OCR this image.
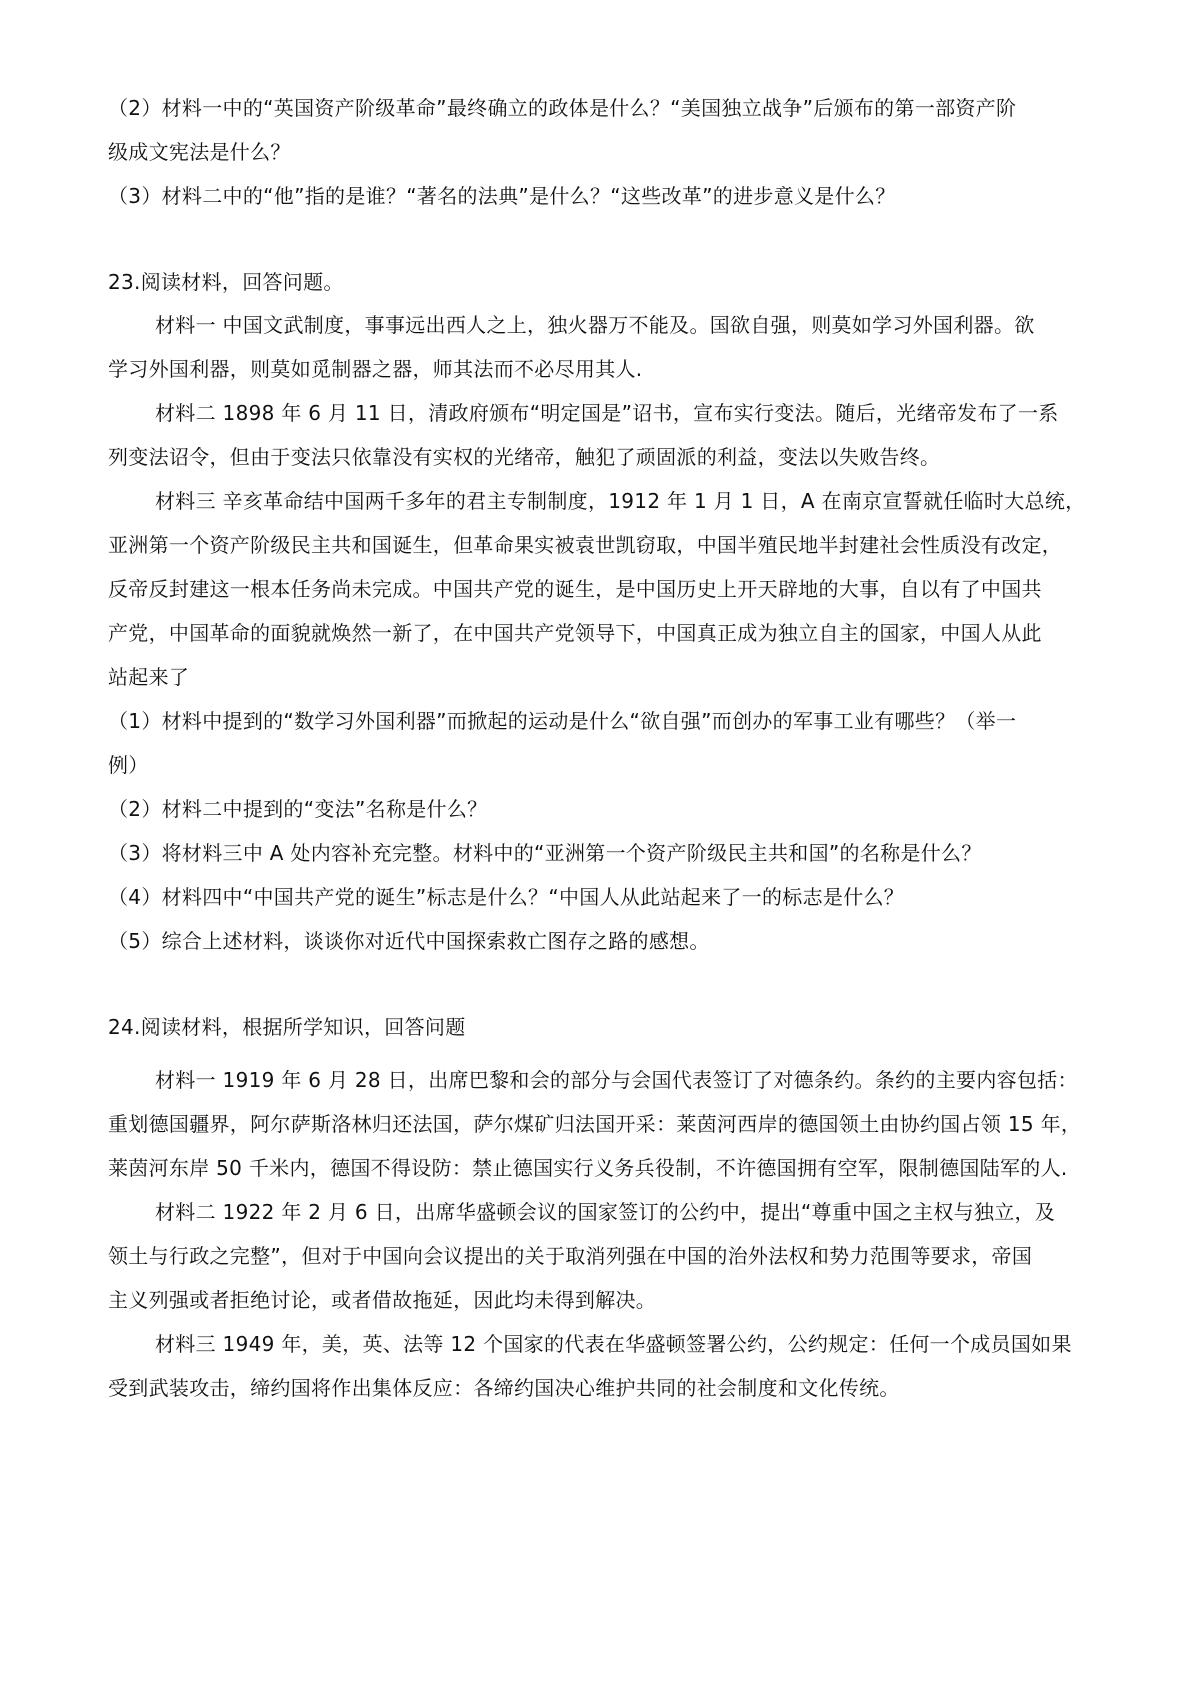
（2）材料一中的“英国资产阶级革命”最终确立的政体是什么？“美国独立战争”后颁布的第一部资产阶
级成文宪法是什么？
（3）材料二中的“他”指的是谁？“著名的法典”是什么？“这些改革”的进步意义是什么？
23.阅读材料，回答问题。
材料一 中国文武制度，事事远出西人之上，独火器万不能及。国欲自强，则莫如学习外国利器。欲
学习外国利器，则莫如觅制器之器，师其法而不必尽用其人.
材料二 1898 年 6 月 11 日，清政府颁布“明定国是”诏书，宣布实行变法。随后，光绪帝发布了一系
列变法诏令，但由于变法只依靠没有实权的光绪帝，触犯了顽固派的利益，变法以失败告终。
材料三 辛亥革命结中国两千多年的君主专制制度，1912 年 1 月 1 日，A 在南京宣誓就任临时大总统，
亚洲第一个资产阶级民主共和国诞生，但革命果实被袁世凯窃取，中国半殖民地半封建社会性质没有改定，
反帝反封建这一根本任务尚未完成。中国共产党的诞生，是中国历史上开天辟地的大事，自以有了中国共
产党，中国革命的面貌就焕然一新了，在中国共产党领导下，中国真正成为独立自主的国家，中国人从此
站起来了
（1）材料中提到的“数学习外国利器”而掀起的运动是什么“欲自强”而创办的军事工业有哪些？（举一
例）
（2）材料二中提到的“变法”名称是什么？
（3）将材料三中 A 处内容补充完整。材料中的“亚洲第一个资产阶级民主共和国”的名称是什么？
（4）材料四中“中国共产党的诞生”标志是什么？“中国人从此站起来了一的标志是什么？
（5）综合上述材料，谈谈你对近代中国探索救亡图存之路的感想。
24.阅读材料，根据所学知识，回答问题
材料一 1919 年 6 月 28 日，出席巴黎和会的部分与会国代表签订了对德条约。条约的主要内容包括：
重划德国疆界，阿尔萨斯洛林归还法国，萨尔煤矿归法国开采：莱茵河西岸的德国领土由协约国占领 15 年，
莱茵河东岸 50 千米内，德国不得设防：禁止德国实行义务兵役制，不许德国拥有空军，限制德国陆军的人.
材料二 1922 年 2 月 6 日，出席华盛顿会议的国家签订的公约中，提出“尊重中国之主权与独立，及
领土与行政之完整”，但对于中国向会议提出的关于取消列强在中国的治外法权和势力范围等要求，帝国
主义列强或者拒绝讨论，或者借故拖延，因此均未得到解决。
材料三 1949 年，美，英、法等 12 个国家的代表在华盛顿签署公约，公约规定：任何一个成员国如果
受到武装攻击，缔约国将作出集体反应：各缔约国决心维护共同的社会制度和文化传统。
